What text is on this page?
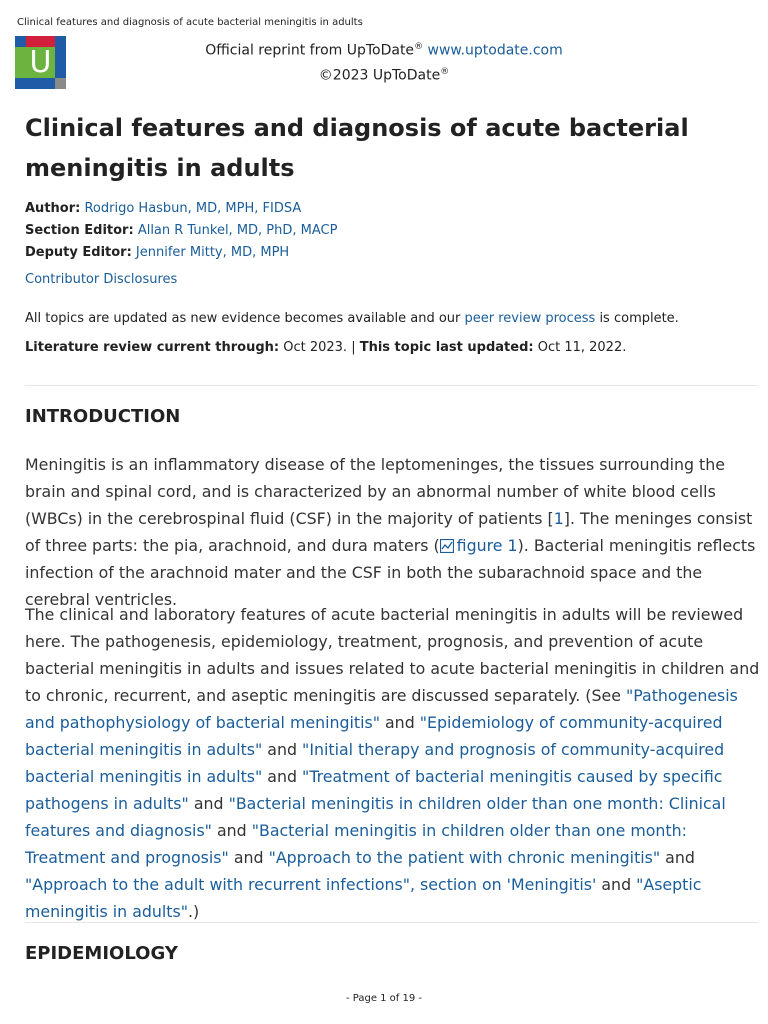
Clinical features and diagnosis of acute bacterial meningitis in adults
U	Official reprint from UpToDate® www.uptodate.com
©2023 UpToDate®
Clinical features and diagnosis of acute bacterial meningitis in adults
Author: Rodrigo Hasbun, MD, MPH, FIDSA
Section Editor: Allan R Tunkel, MD, PhD, MACP
Deputy Editor: Jennifer Mitty, MD, MPH
Contributor Disclosures
All topics are updated as new evidence becomes available and our peer review process is complete.
Literature review current through: Oct 2023. | This topic last updated: Oct 11, 2022.
INTRODUCTION

Meningitis is an inflammatory disease of the leptomeninges, the tissues surrounding the brain and spinal cord, and is characterized by an abnormal number of white blood cells (WBCs) in the cerebrospinal fluid (CSF) in the majority of patients [1]. The meninges consist of three parts: the pia, arachnoid, and dura maters ( figure 1). Bacterial meningitis reflects infection of the arachnoid mater and the CSF in both the subarachnoid space and the cerebral ventricles.

The clinical and laboratory features of acute bacterial meningitis in adults will be reviewed here. The pathogenesis, epidemiology, treatment, prognosis, and prevention of acute bacterial meningitis in adults and issues related to acute bacterial meningitis in children and to chronic, recurrent, and aseptic meningitis are discussed separately. (See "Pathogenesis and pathophysiology of bacterial meningitis" and "Epidemiology of community-acquired bacterial meningitis in adults" and "Initial therapy and prognosis of community-acquired bacterial meningitis in adults" and "Treatment of bacterial meningitis caused by specific pathogens in adults" and "Bacterial meningitis in children older than one month: Clinical features and diagnosis" and "Bacterial meningitis in children older than one month: Treatment and prognosis" and "Approach to the patient with chronic meningitis" and "Approach to the adult with recurrent infections", section on 'Meningitis' and "Aseptic meningitis in adults".)

EPIDEMIOLOGY
- Page 1 of 19 -
